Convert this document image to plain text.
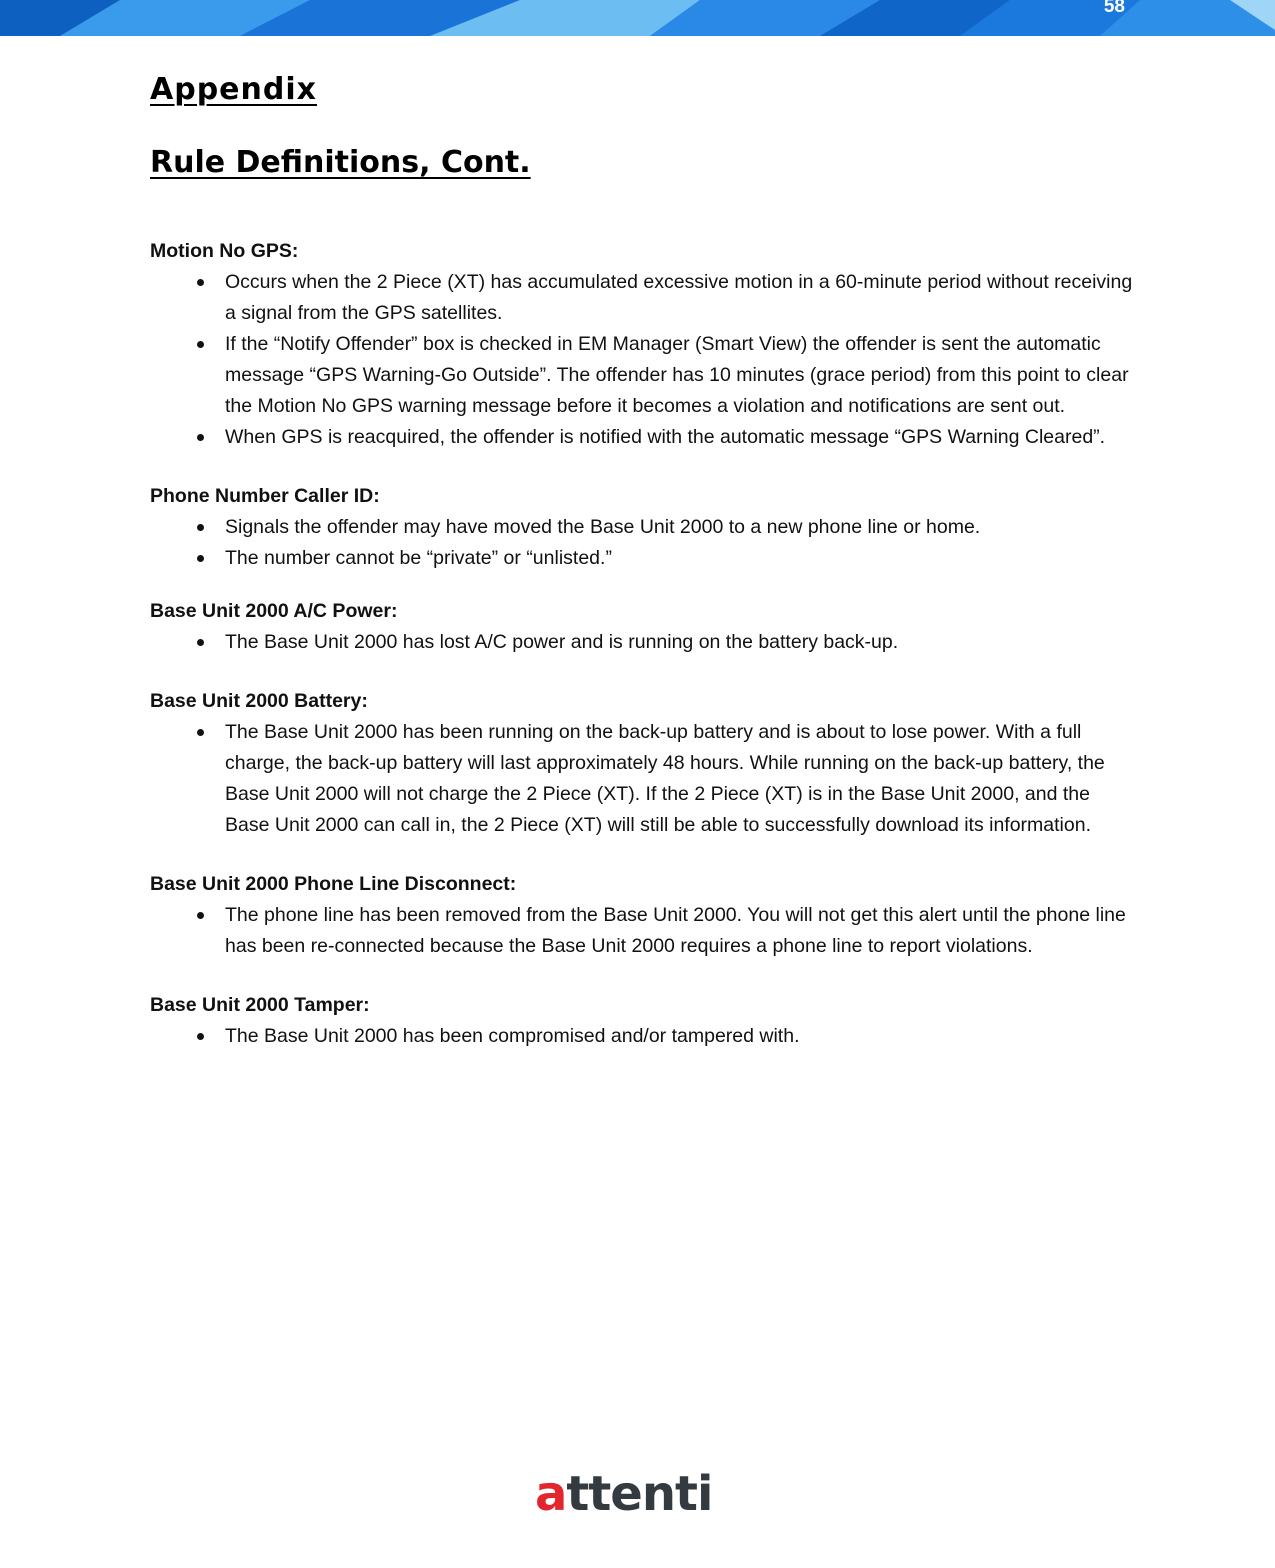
58
Appendix
Rule Definitions, Cont.

Motion No GPS:

Occurs when the 2 Piece (XT) has accumulated excessive motion in a 60-minute period without receiving a signal from the GPS satellites.
If the “Notify Offender” box is checked in EM Manager (Smart View) the offender is sent the automatic message “GPS Warning-Go Outside”. The offender has 10 minutes (grace period) from this point to clear the Motion No GPS warning message before it becomes a violation and notifications are sent out.
When GPS is reacquired, the offender is notified with the automatic message “GPS Warning Cleared”.

Phone Number Caller ID:

Signals the offender may have moved the Base Unit 2000 to a new phone line or home.
The number cannot be “private” or “unlisted.”

Base Unit 2000 A/C Power:

The Base Unit 2000 has lost A/C power and is running on the battery back-up.

Base Unit 2000 Battery:

The Base Unit 2000 has been running on the back-up battery and is about to lose power. With a full charge, the back-up battery will last approximately 48 hours. While running on the back-up battery, the Base Unit 2000 will not charge the 2 Piece (XT). If the 2 Piece (XT) is in the Base Unit 2000, and the Base Unit 2000 can call in, the 2 Piece (XT) will still be able to successfully download its information.

Base Unit 2000 Phone Line Disconnect:

The phone line has been removed from the Base Unit 2000. You will not get this alert until the phone line has been re-connected because the Base Unit 2000 requires a phone line to report violations.

Base Unit 2000 Tamper:

The Base Unit 2000 has been compromised and/or tampered with.
attenti
